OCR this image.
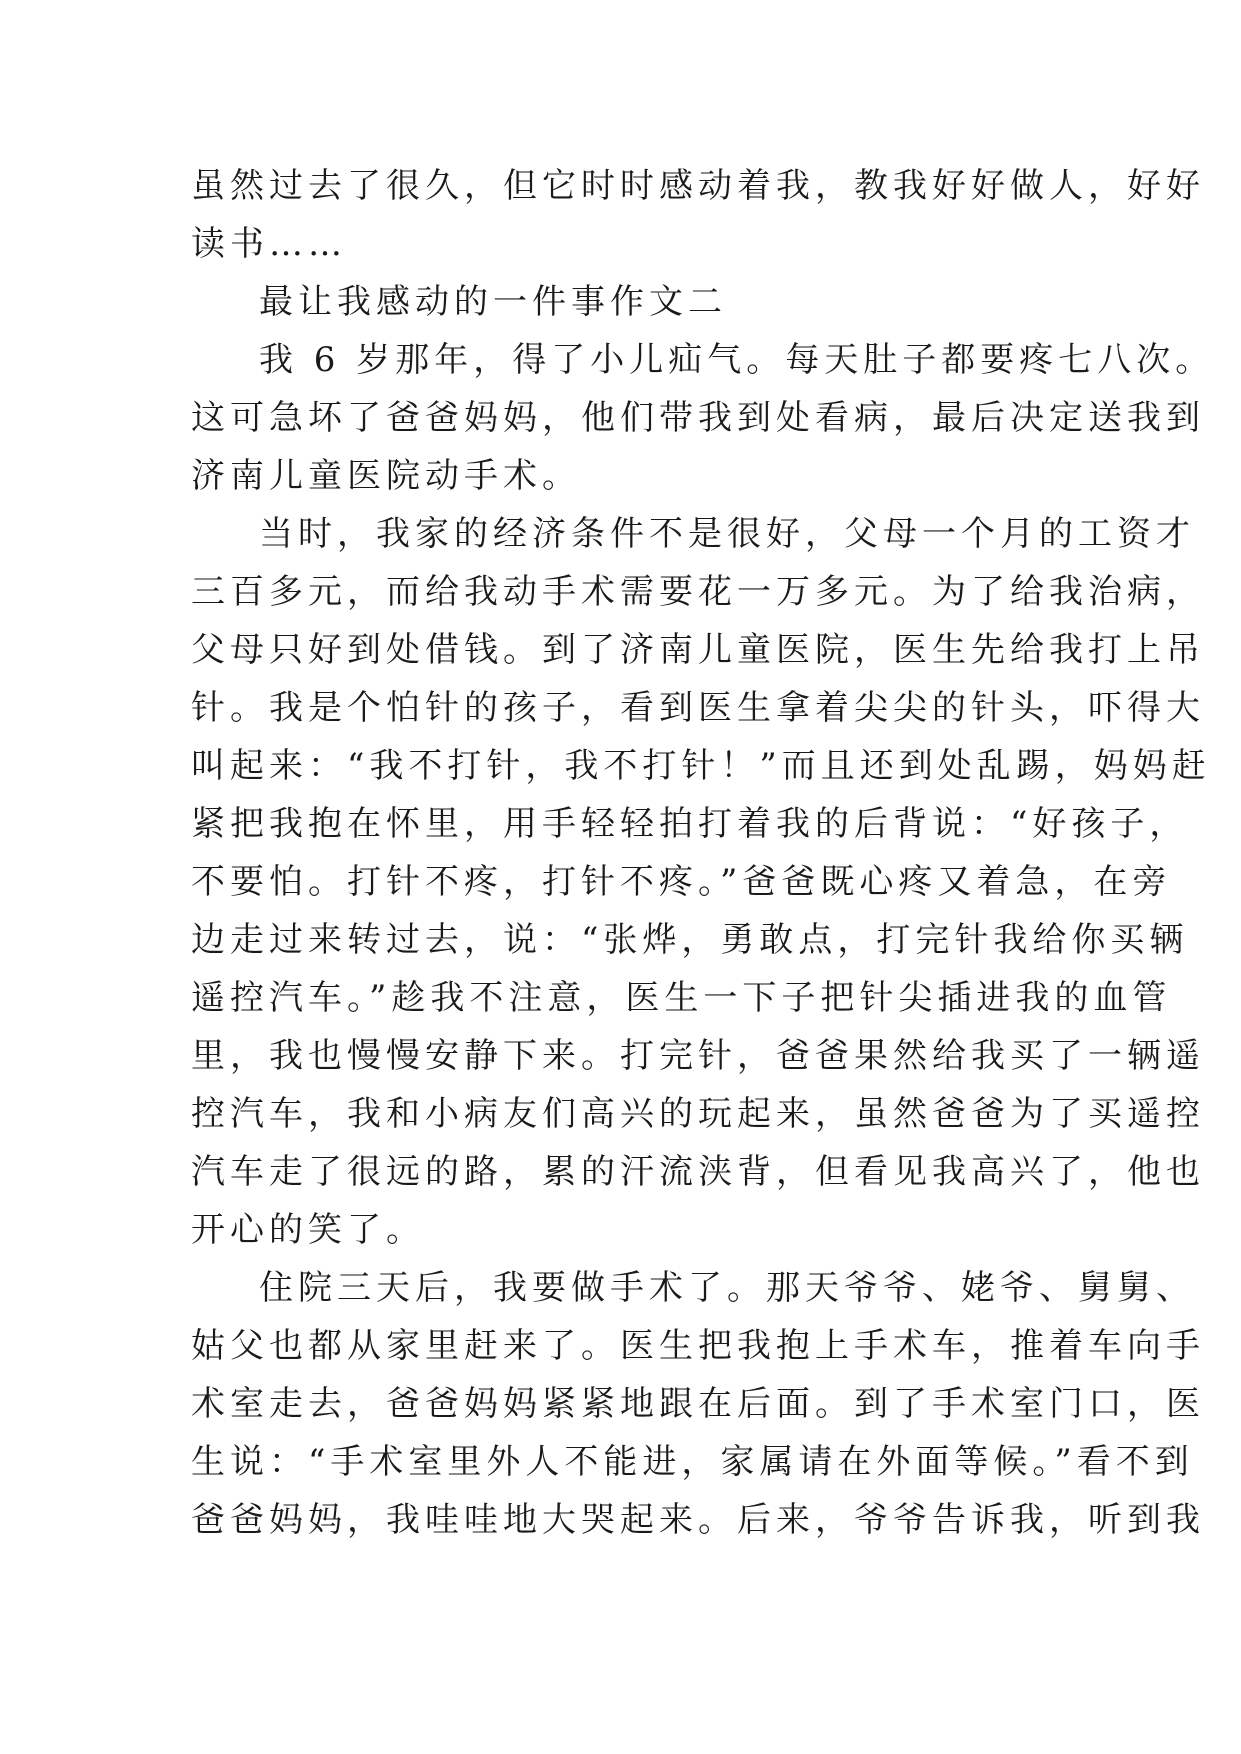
虽然过去了很久，但它时时感动着我，教我好好做人，好好
读书……
最让我感动的一件事作文二
我 6 岁那年，得了小儿疝气。每天肚子都要疼七八次。
这可急坏了爸爸妈妈，他们带我到处看病，最后决定送我到
济南儿童医院动手术。
当时，我家的经济条件不是很好，父母一个月的工资才
三百多元，而给我动手术需要花一万多元。为了给我治病，
父母只好到处借钱。到了济南儿童医院，医生先给我打上吊
针。我是个怕针的孩子，看到医生拿着尖尖的针头，吓得大
叫起来：“我不打针，我不打针！”而且还到处乱踢，妈妈赶
紧把我抱在怀里，用手轻轻拍打着我的后背说：“好孩子，
不要怕。打针不疼，打针不疼。”爸爸既心疼又着急，在旁
边走过来转过去，说：“张烨，勇敢点，打完针我给你买辆
遥控汽车。”趁我不注意，医生一下子把针尖插进我的血管
里，我也慢慢安静下来。打完针，爸爸果然给我买了一辆遥
控汽车，我和小病友们高兴的玩起来，虽然爸爸为了买遥控
汽车走了很远的路，累的汗流浃背，但看见我高兴了，他也
开心的笑了。
住院三天后，我要做手术了。那天爷爷、姥爷、舅舅、
姑父也都从家里赶来了。医生把我抱上手术车，推着车向手
术室走去，爸爸妈妈紧紧地跟在后面。到了手术室门口，医
生说：“手术室里外人不能进，家属请在外面等候。”看不到
爸爸妈妈，我哇哇地大哭起来。后来，爷爷告诉我，听到我
